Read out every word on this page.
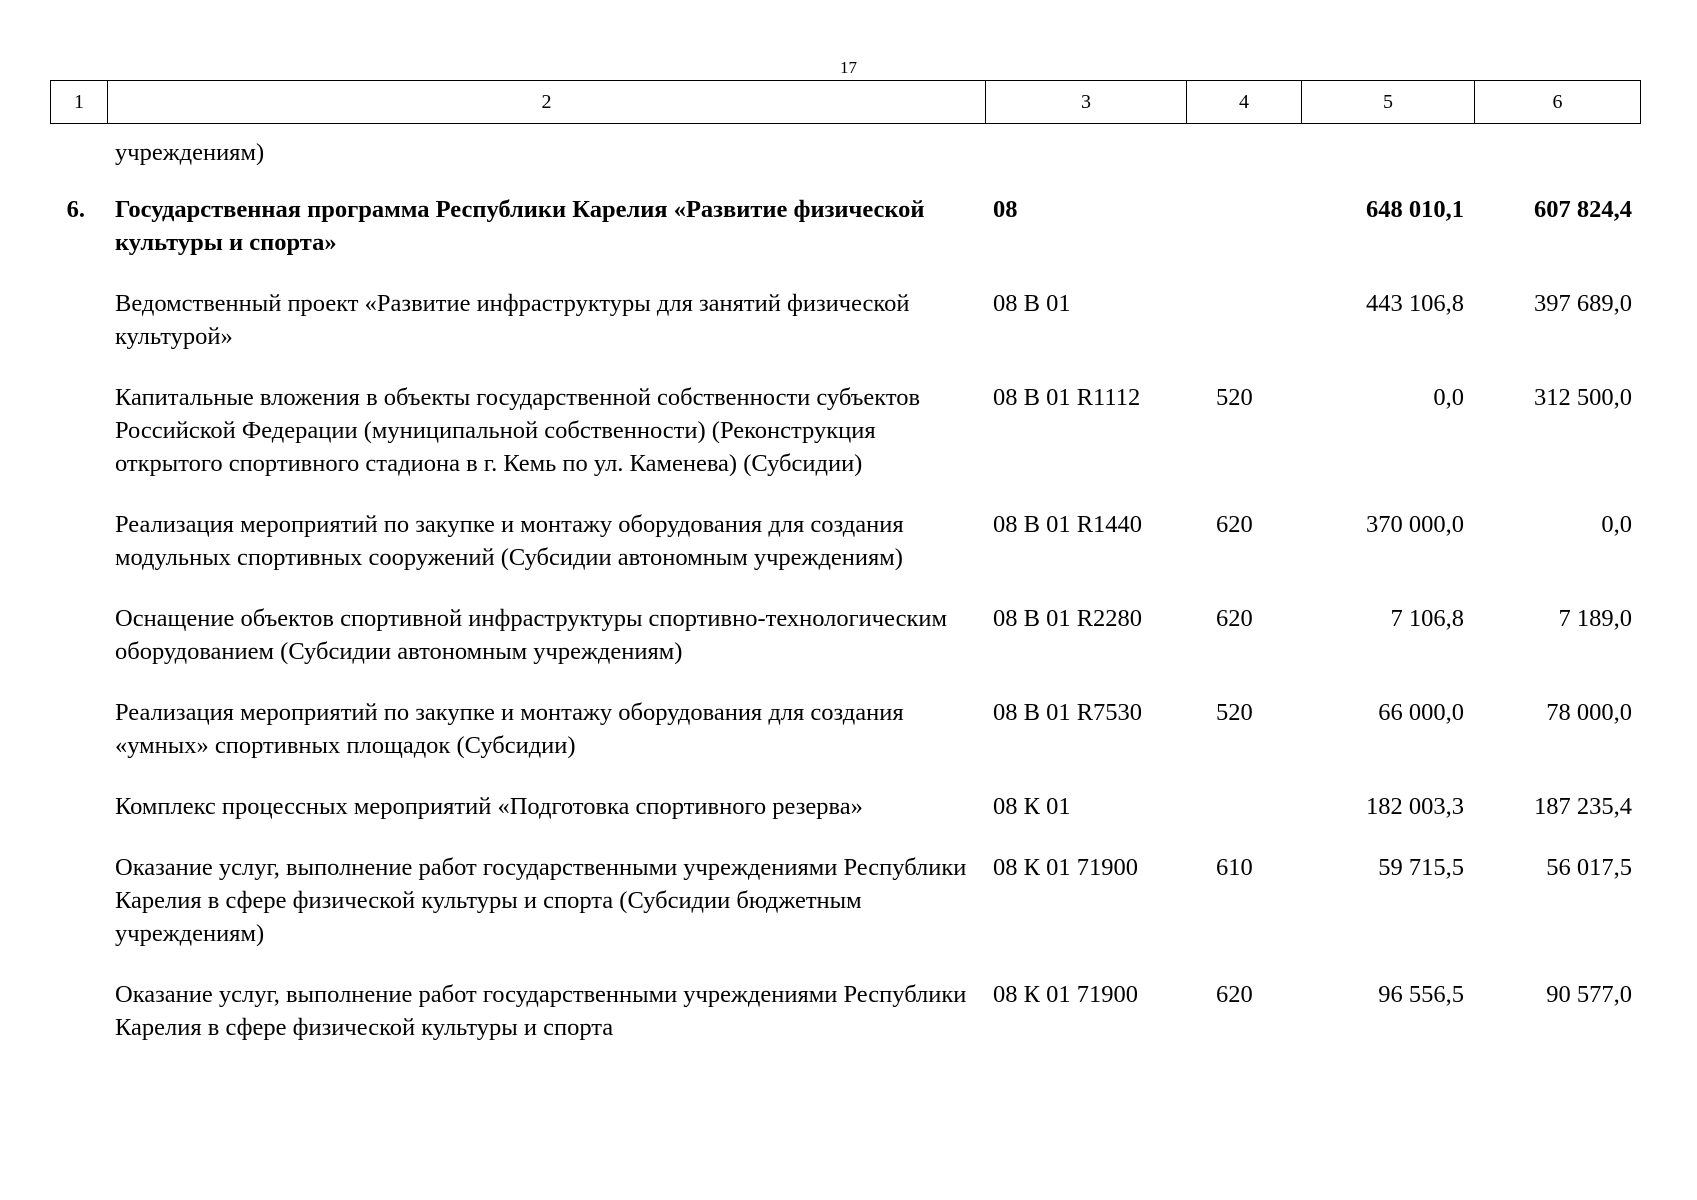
17
1	2	3	4	5	6
	учреждениям)				
6.	Государственная программа Республики Карелия «Развитие физической культуры и спорта»	08		648 010,1	607 824,4
	Ведомственный проект «Развитие инфраструктуры для занятий физической культурой»	08 В 01		443 106,8	397 689,0
	Капитальные вложения в объекты государственной собственности субъектов Российской Федерации (муниципальной собственности) (Реконструкция открытого спортивного стадиона в г. Кемь по ул. Каменева) (Субсидии)	08 В 01 R1112	520	0,0	312 500,0
	Реализация мероприятий по закупке и монтажу оборудования для создания модульных спортивных сооружений (Субсидии автономным учреждениям)	08 В 01 R1440	620	370 000,0	0,0
	Оснащение объектов спортивной инфраструктуры спортивно-технологическим оборудованием (Субсидии автономным учреждениям)	08 В 01 R2280	620	7 106,8	7 189,0
	Реализация мероприятий по закупке и монтажу оборудования для создания «умных» спортивных площадок (Субсидии)	08 В 01 R7530	520	66 000,0	78 000,0
	Комплекс процессных мероприятий «Подготовка спортивного резерва»	08 К 01		182 003,3	187 235,4
	Оказание услуг, выполнение работ государственными учреждениями Республики Карелия в сфере физической культуры и спорта (Субсидии бюджетным учреждениям)	08 К 01 71900	610	59 715,5	56 017,5
	Оказание услуг, выполнение работ государственными учреждениями Республики Карелия в сфере физической культуры и спорта	08 К 01 71900	620	96 556,5	90 577,0
